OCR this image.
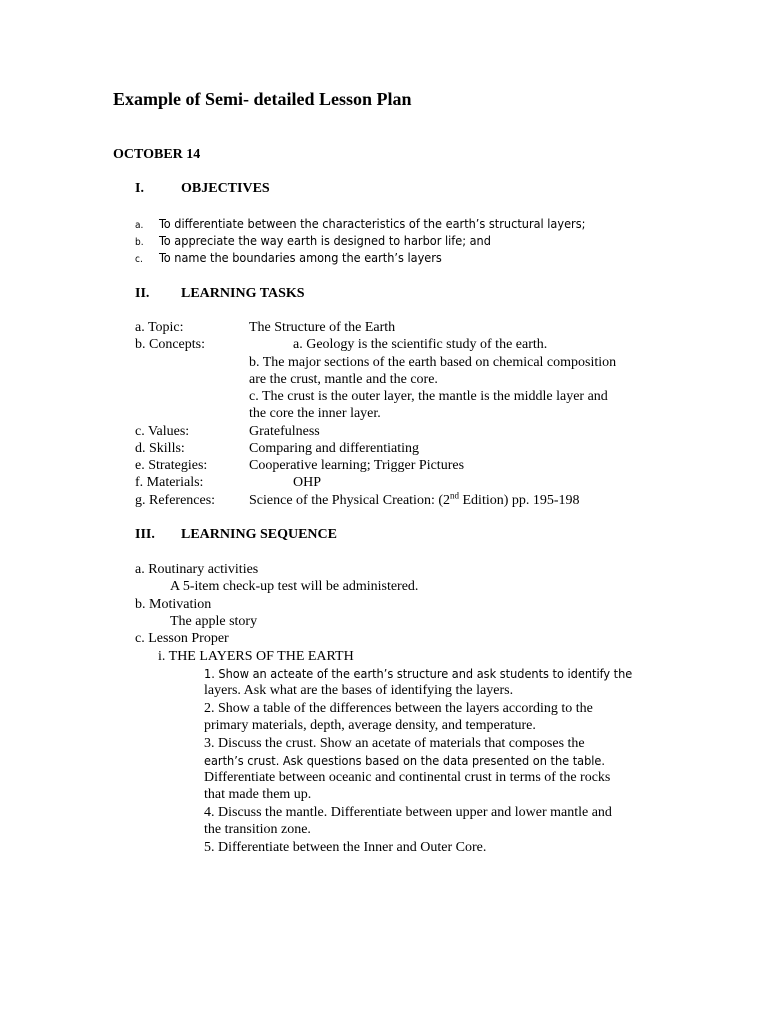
Example of Semi- detailed Lesson Plan
OCTOBER 14
I.	OBJECTIVES
a. To differentiate between the characteristics of the earth’s structural layers;
b. To appreciate the way earth is designed to harbor life; and
c. To name the boundaries among the earth’s layers
II. LEARNING TASKS
a. Topic:	The Structure of the Earth
b. Concepts:	a. Geology is the scientific study of the earth.
b. The major sections of the earth based on chemical composition
are the crust, mantle and the core.
c. The crust is the outer layer, the mantle is the middle layer and
the core the inner layer.
c. Values:	Gratefulness
d. Skills:	Comparing and differentiating
e. Strategies:	Cooperative learning; Trigger Pictures
f. Materials:	OHP
g. References: Science of the Physical Creation: (2nd Edition) pp. 195-198
III. LEARNING SEQUENCE
a. Routinary activities
A 5-item check-up test will be administered.
b. Motivation
The apple story
c. Lesson Proper
i. THE LAYERS OF THE EARTH
1. Show an acteate of the earth’s structure and ask students to identify the
layers. Ask what are the bases of identifying the layers.
2. Show a table of the differences between the layers according to the
primary materials, depth, average density, and temperature.
3. Discuss the crust. Show an acetate of materials that composes the
earth’s crust. Ask questions based on the data presented on the table.
Differentiate between oceanic and continental crust in terms of the rocks
that made them up.
4. Discuss the mantle. Differentiate between upper and lower mantle and
the transition zone.
5. Differentiate between the Inner and Outer Core.
